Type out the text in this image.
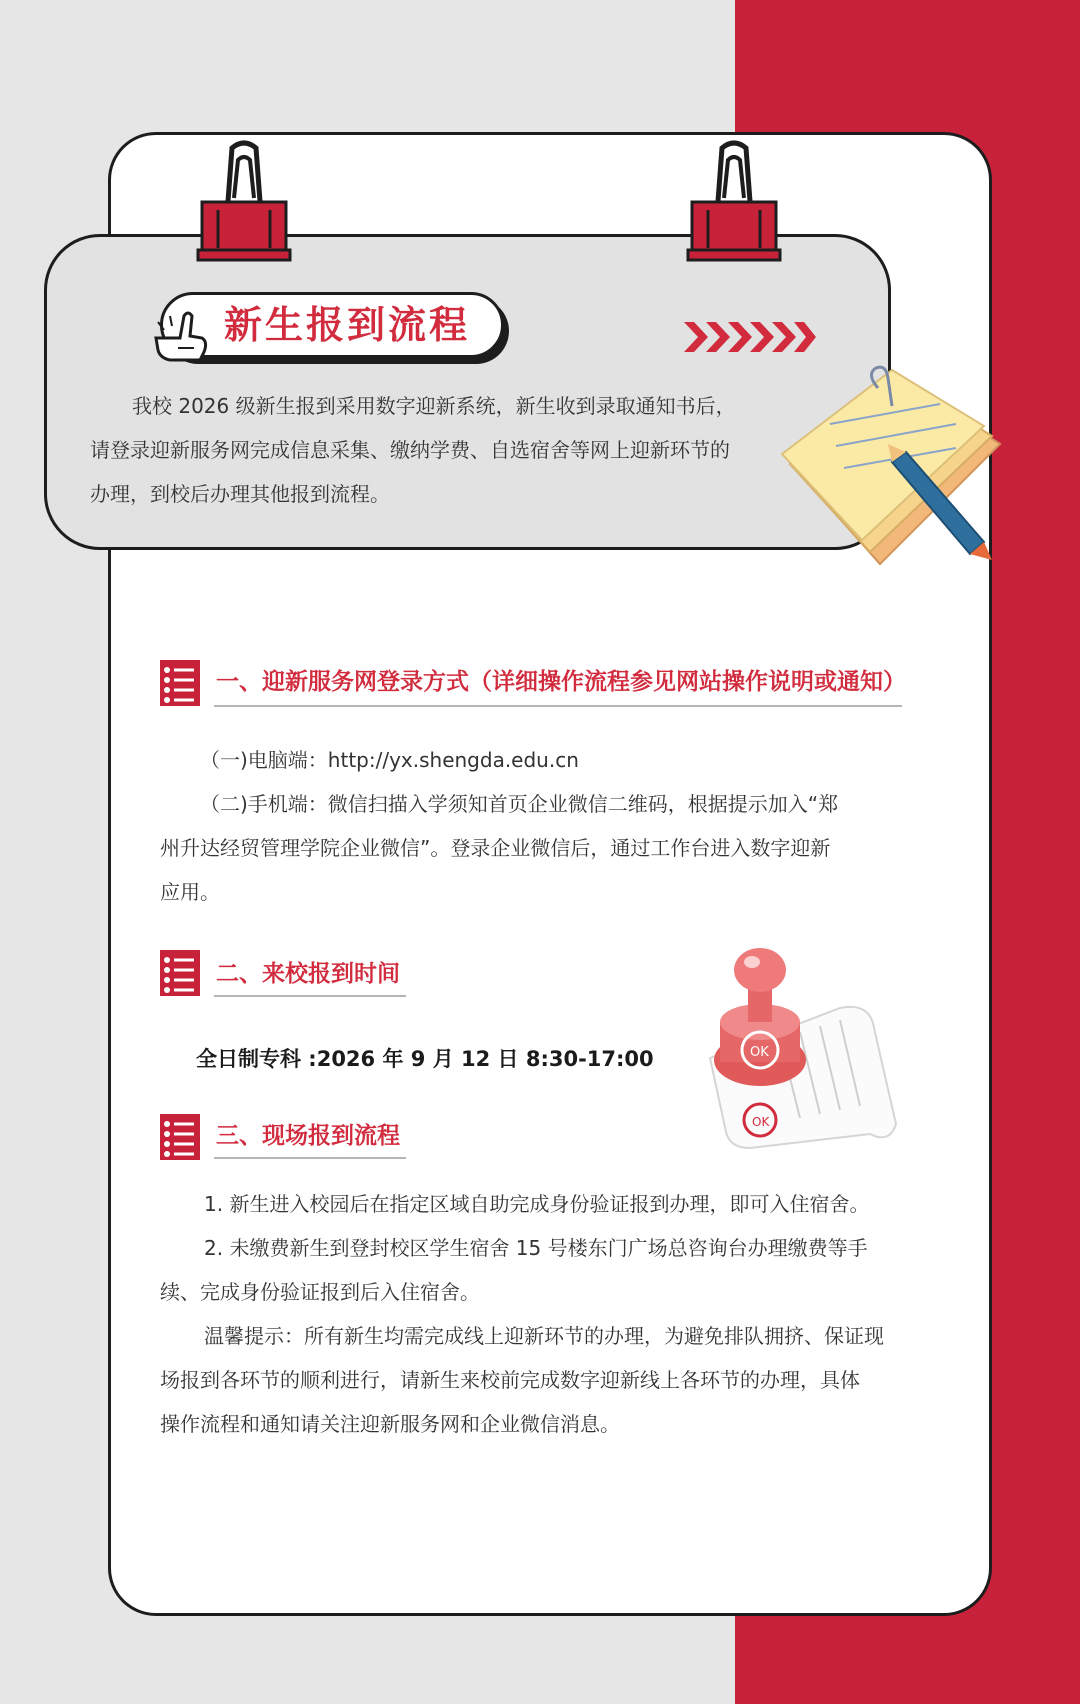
新生报到流程
我校 2026 级新生报到采用数字迎新系统，新生收到录取通知书后，
请登录迎新服务网完成信息采集、缴纳学费、自选宿舍等网上迎新环节的
办理，到校后办理其他报到流程。
一、迎新服务网登录方式（详细操作流程参见网站操作说明或通知）
（一)电脑端：http://yx.shengda.edu.cn
（二)手机端：微信扫描入学须知首页企业微信二维码，根据提示加入“郑
州升达经贸管理学院企业微信”。登录企业微信后，通过工作台进入数字迎新
应用。
二、来校报到时间
全日制专科 :2026 年 9 月 12 日 8:30-17:00
OK
OK
三、现场报到流程
1. 新生进入校园后在指定区域自助完成身份验证报到办理，即可入住宿舍。
2. 未缴费新生到登封校区学生宿舍 15 号楼东门广场总咨询台办理缴费等手
续、完成身份验证报到后入住宿舍。
温馨提示：所有新生均需完成线上迎新环节的办理，为避免排队拥挤、保证现
场报到各环节的顺利进行，请新生来校前完成数字迎新线上各环节的办理，具体
操作流程和通知请关注迎新服务网和企业微信消息。
